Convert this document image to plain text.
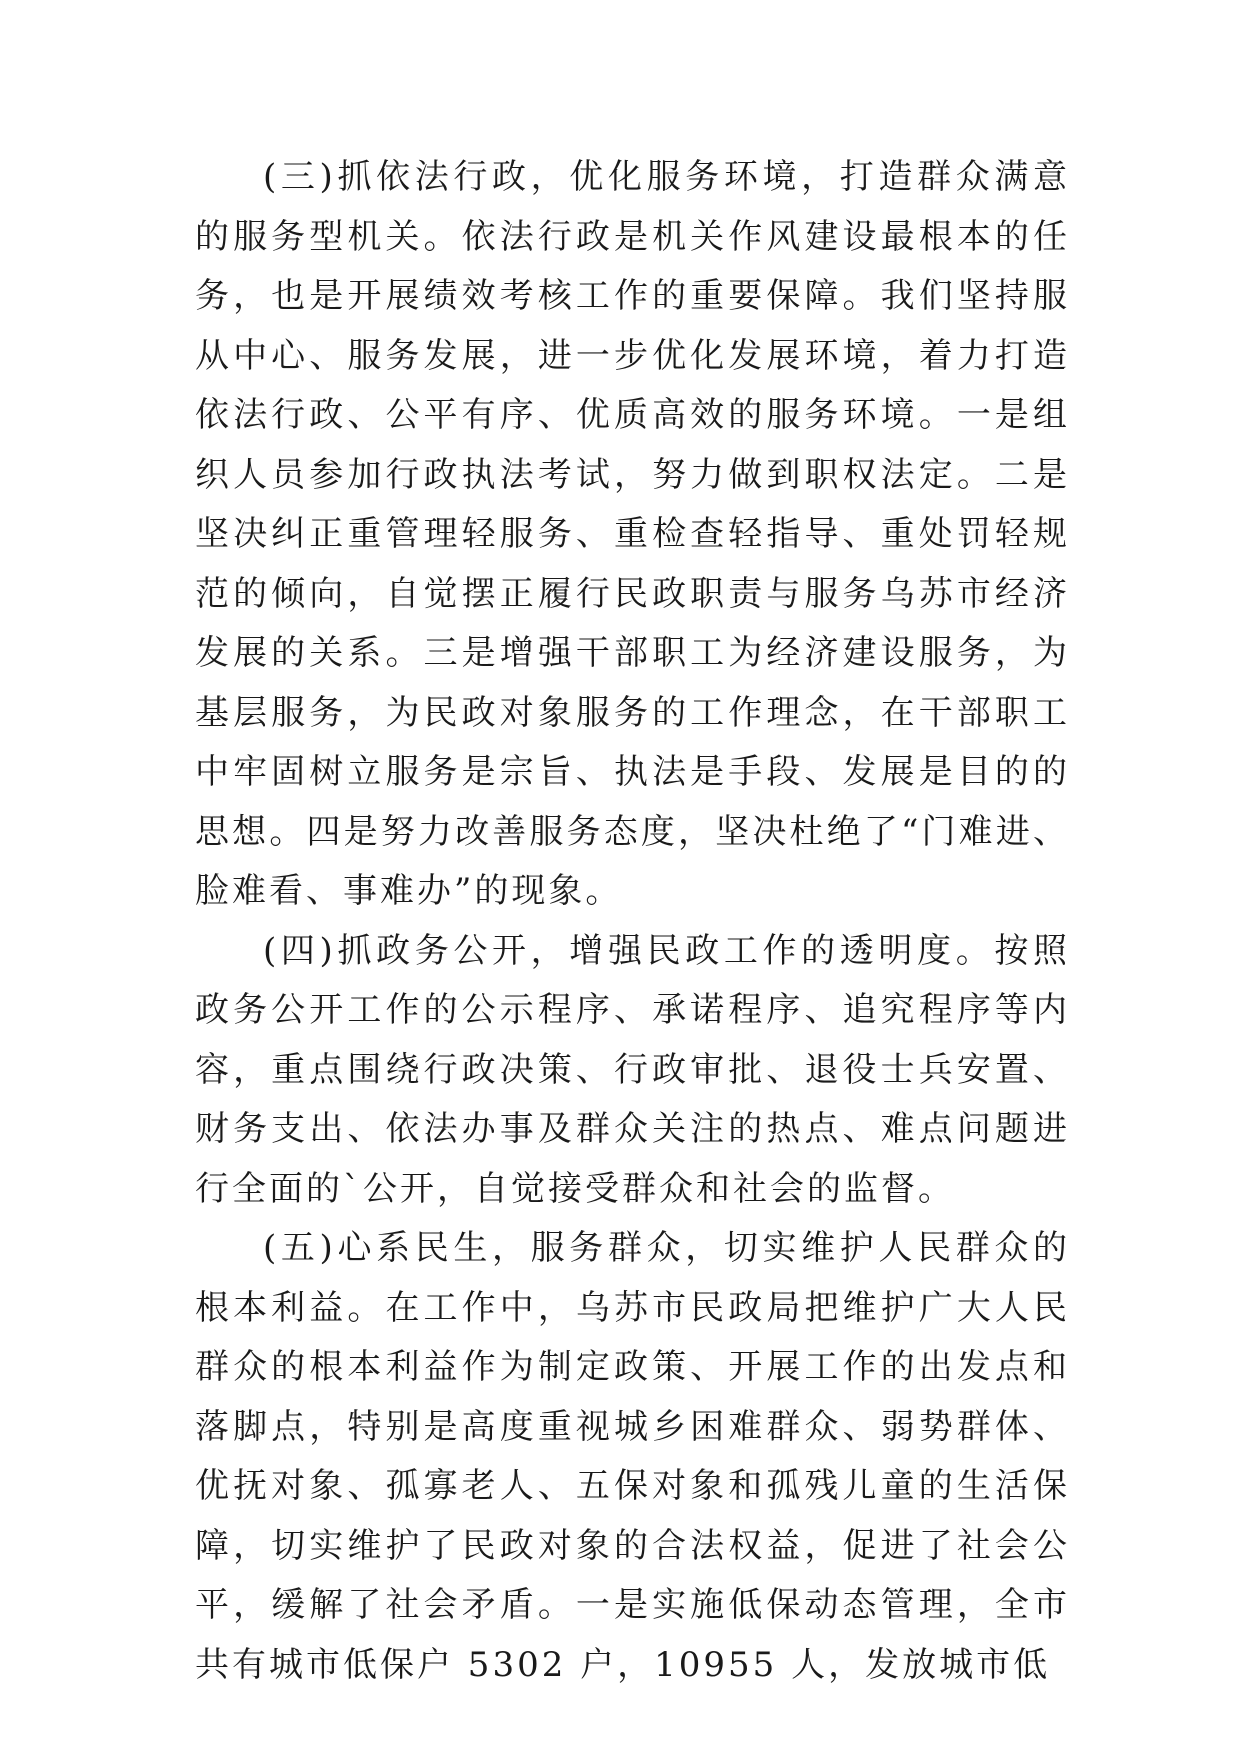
(三)抓依法行政，优化服务环境，打造群众满意的服务型机关。依法行政是机关作风建设最根本的任务，也是开展绩效考核工作的重要保障。我们坚持服从中心、服务发展，进一步优化发展环境，着力打造依法行政、公平有序、优质高效的服务环境。一是组织人员参加行政执法考试，努力做到职权法定。二是坚决纠正重管理轻服务、重检查轻指导、重处罚轻规范的倾向，自觉摆正履行民政职责与服务乌苏市经济发展的关系。三是增强干部职工为经济建设服务，为基层服务，为民政对象服务的工作理念，在干部职工中牢固树立服务是宗旨、执法是手段、发展是目的的思想。四是努力改善服务态度，坚决杜绝了“门难进、脸难看、事难办”的现象。

(四)抓政务公开，增强民政工作的透明度。按照政务公开工作的公示程序、承诺程序、追究程序等内容，重点围绕行政决策、行政审批、退役士兵安置、财务支出、依法办事及群众关注的热点、难点问题进行全面的`公开，自觉接受群众和社会的监督。

(五)心系民生，服务群众，切实维护人民群众的根本利益。在工作中，乌苏市民政局把维护广大人民群众的根本利益作为制定政策、开展工作的出发点和落脚点，特别是高度重视城乡困难群众、弱势群体、优抚对象、孤寡老人、五保对象和孤残儿童的生活保障，切实维护了民政对象的合法权益，促进了社会公平，缓解了社会矛盾。一是实施低保动态管理，全市共有城市低保户 5302 户，10955 人，发放城市低
